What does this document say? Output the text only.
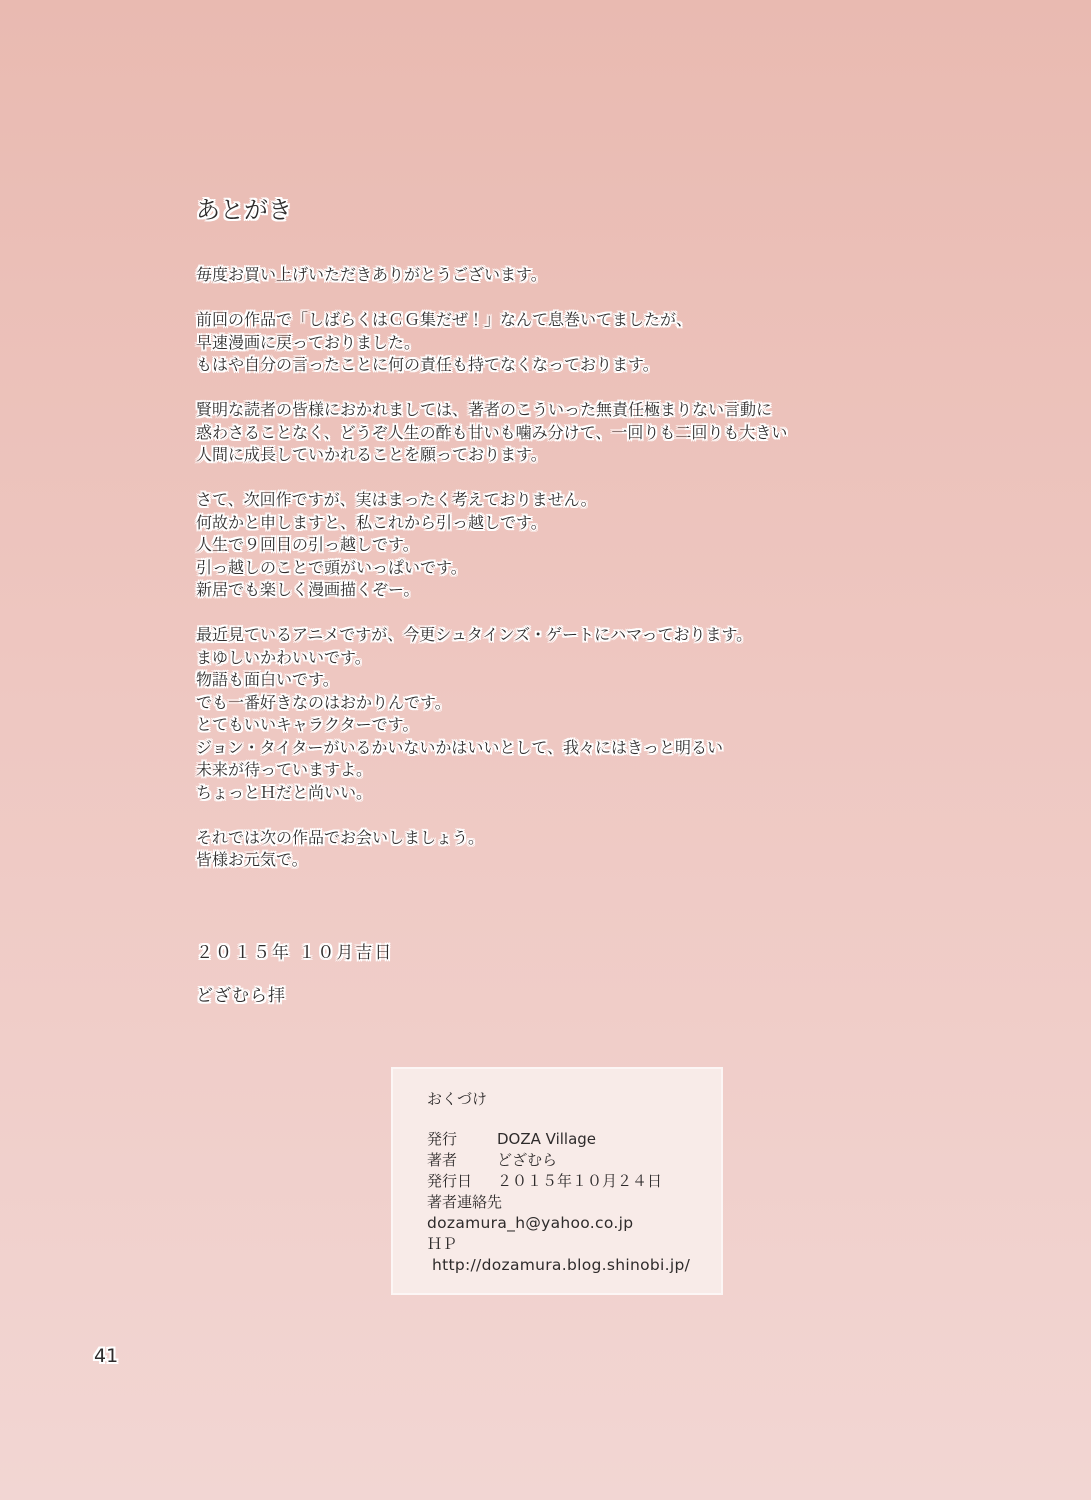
あとがき
毎度お買い上げいただきありがとうございます。
前回の作品で「しばらくはＣＧ集だぜ！」なんて息巻いてましたが、
早速漫画に戻っておりました。
もはや自分の言ったことに何の責任も持てなくなっております。
賢明な読者の皆様におかれましては、著者のこういった無責任極まりない言動に
惑わさることなく、どうぞ人生の酢も甘いも噛み分けて、一回りも二回りも大きい
人間に成長していかれることを願っております。
さて、次回作ですが、実はまったく考えておりません。
何故かと申しますと、私これから引っ越しです。
人生で９回目の引っ越しです。
引っ越しのことで頭がいっぱいです。
新居でも楽しく漫画描くぞー。
最近見ているアニメですが、今更シュタインズ・ゲートにハマっております。
まゆしいかわいいです。
物語も面白いです。
でも一番好きなのはおかりんです。
とてもいいキャラクターです。
ジョン・タイターがいるかいないかはいいとして、我々にはきっと明るい
未来が待っていますよ。
ちょっとＨだと尚いい。
それでは次の作品でお会いしましょう。
皆様お元気で。
２０１５年 １０月吉日
どざむら拝
おくづけ
発行	DOZA Village
著者	どざむら
発行日	２０１５年１０月２４日
著者連絡先
dozamura_h@yahoo.co.jp
ＨＰ
http://dozamura.blog.shinobi.jp/
41
